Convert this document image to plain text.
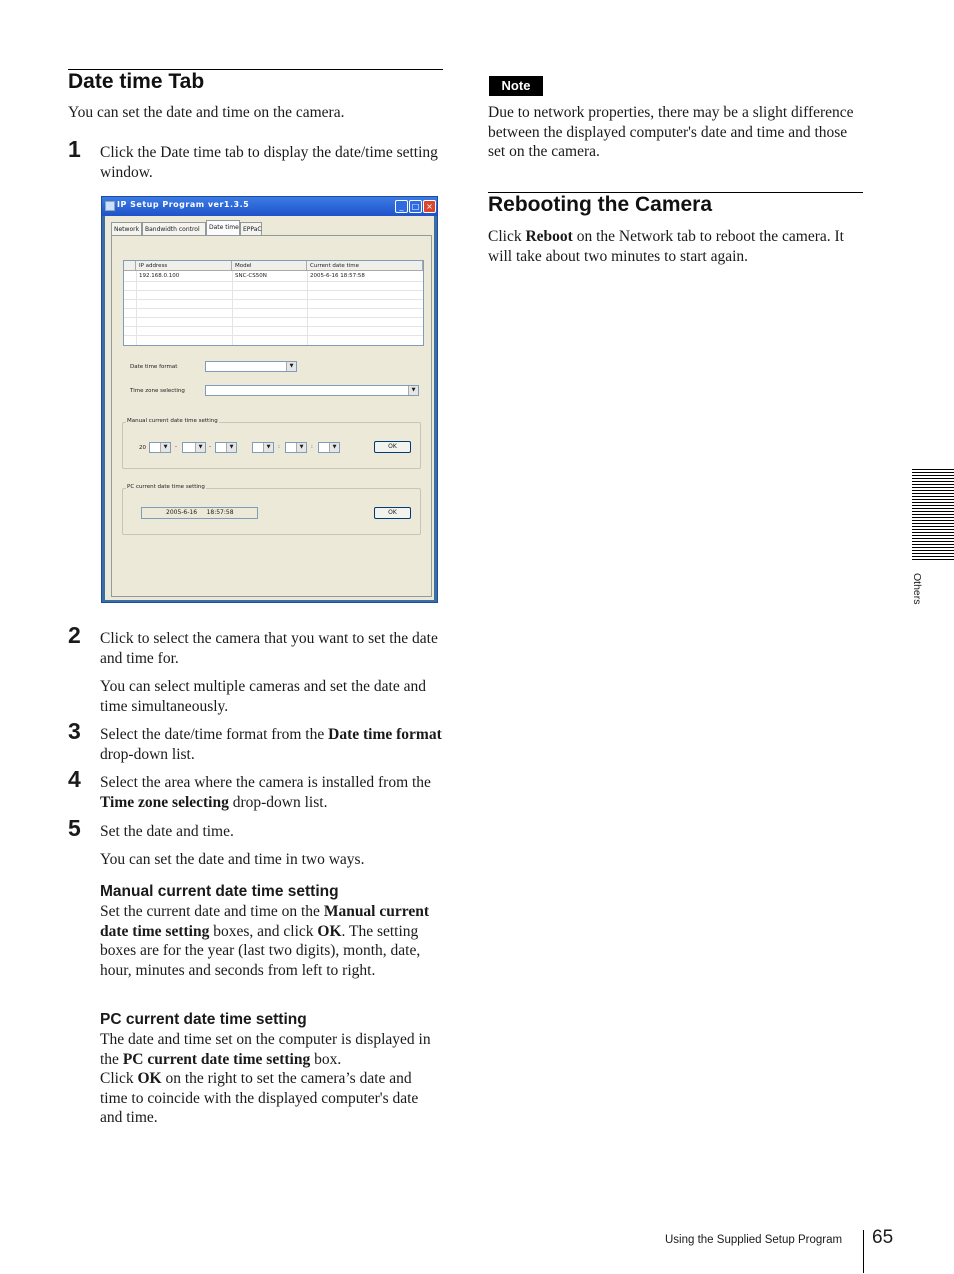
Date time Tab

You can set the date and time on the camera.

1 Click the Date time tab to display the date/time setting window.

IP Setup Program ver1.3.5	_	□ ×
Network Bandwidth control	Date time EPPaC
IP address	Model	Current date time
192.168.0.100	SNC-CS50N	2005-6-16 18:57:58
Date time format	▼
Time zone selecting	▼
Manual current date time setting
20	▼	-	▼	-	▼	▼	:	▼	:	▼	OK
PC current date time setting
2005-6-16     18:57:58	OK
2 Click to select the camera that you want to set the date and time for.

You can select multiple cameras and set the date and time simultaneously.

3 Select the date/time format from the Date time format drop-down list.

4 Select the area where the camera is installed from the Time zone selecting drop-down list.

5 Set the date and time.

You can set the date and time in two ways.

Manual current date time setting

Set the current date and time on the Manual current date time setting boxes, and click OK. The setting boxes are for the year (last two digits), month, date, hour, minutes and seconds from left to right.

PC current date time setting

The date and time set on the computer is displayed in the PC current date time setting box.
Click OK on the right to set the camera’s date and time to coincide with the displayed computer's date and time.

Note

Due to network properties, there may be a slight difference between the displayed computer's date and time and those set on the camera.

Rebooting the Camera

Click Reboot on the Network tab to reboot the camera. It will take about two minutes to start again.

Others
Using the Supplied Setup Program 65
